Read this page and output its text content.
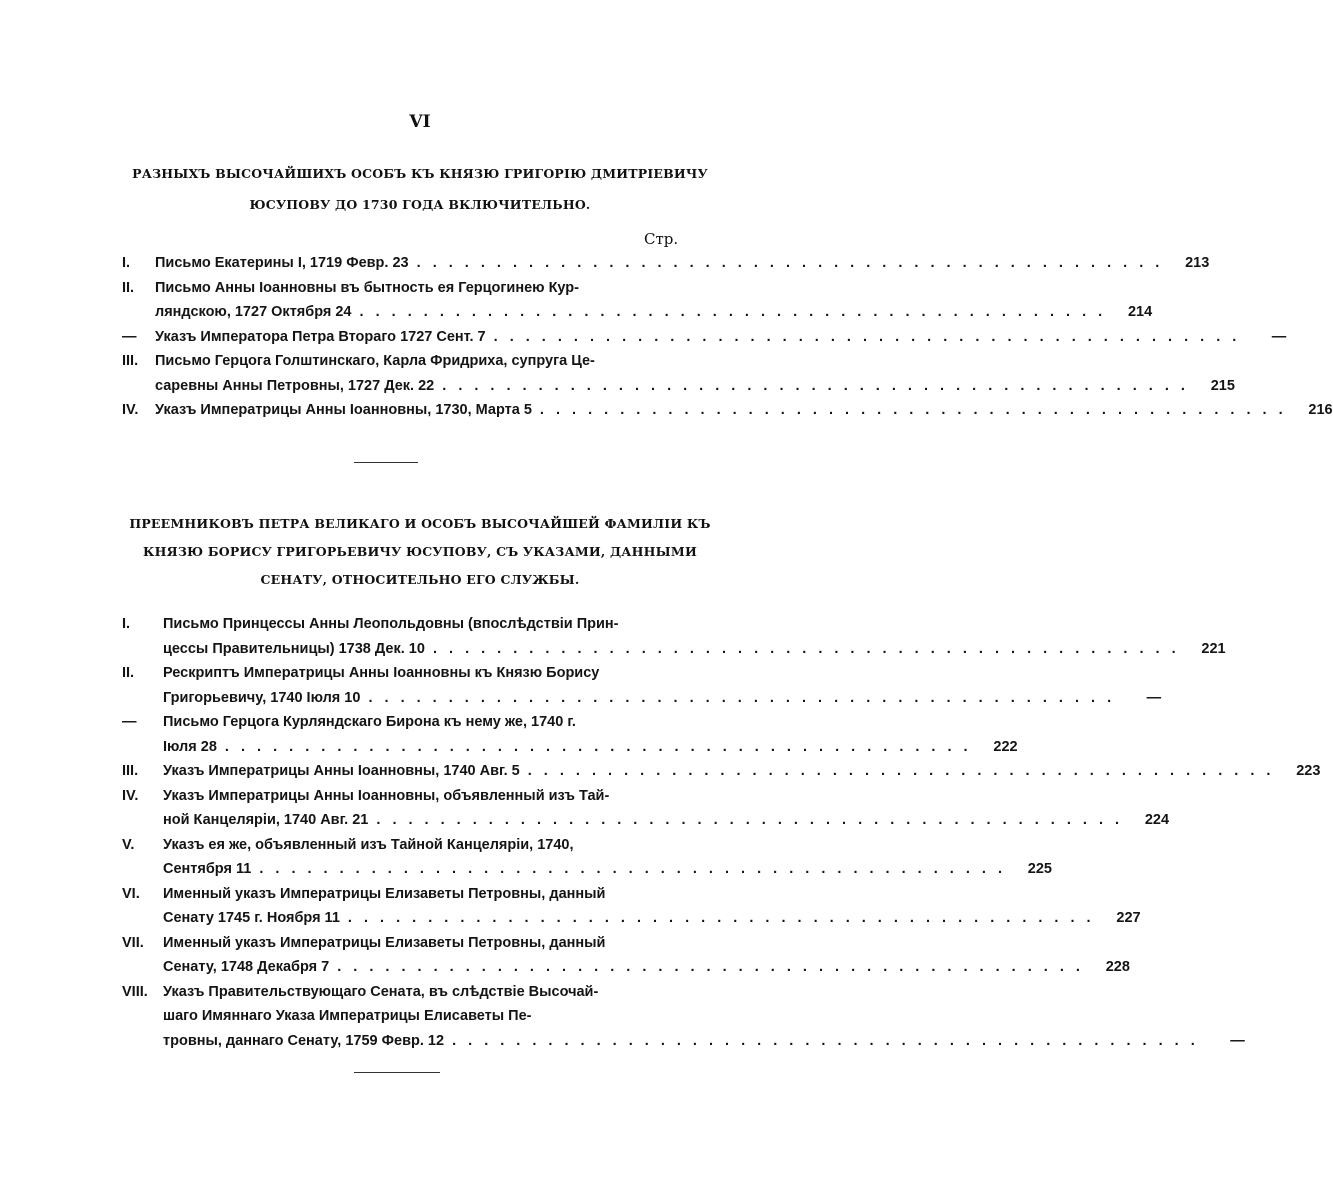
VI
РАЗНЫХЪ ВЫСОЧАЙШИХЪ ОСОБЪ КЪ КНЯЗЮ ГРИГОРІЮ ДМИТРІЕВИЧУ
ЮСУПОВУ ДО 1730 ГОДА ВКЛЮЧИТЕЛЬНО.
Стр.
I.	Письмо Екатерины I, 1719 Февр. 23 . . .	213
II.	Письмо Анны Іоанновны въ бытность ея Герцогинею Кур-
ляндскою, 1727 Октября 24 . . .	214
—	Указъ Императора Петра Втораго 1727 Сент. 7 . . .	—
III.	Письмо Герцога Голштинскаго, Карла Фридриха, супруга Це-
саревны Анны Петровны, 1727 Дек. 22 . . .	215
IV.	Указъ Императрицы Анны Іоанновны, 1730, Марта 5 . . .	216
ПРЕЕМНИКОВЪ ПЕТРА ВЕЛИКАГО И ОСОБЪ ВЫСОЧАЙШЕЙ ФАМИЛІИ КЪ
КНЯЗЮ БОРИСУ ГРИГОРЬЕВИЧУ ЮСУПОВУ, СЪ УКАЗАМИ, ДАННЫМИ
СЕНАТУ, ОТНОСИТЕЛЬНО ЕГО СЛУЖБЫ.
I.	Письмо Принцессы Анны Леопольдовны (впослѣдствіи Прин-
цессы Правительницы) 1738 Дек. 10 . . .	221
II.	Рескриптъ Императрицы Анны Іоанновны къ Князю Борису
Григорьевичу, 1740 Іюля 10 . . .	—
—	Письмо Герцога Курляндскаго Бирона къ нему же, 1740 г.
Іюля 28 . . .	222
III.	Указъ Императрицы Анны Іоанновны, 1740 Авг. 5 . . .	223
IV.	Указъ Императрицы Анны Іоанновны, объявленный изъ Тай-
ной Канцеляріи, 1740 Авг. 21 . . .	224
V.	Указъ ея же, объявленный изъ Тайной Канцеляріи, 1740,
Сентября 11 . . .	225
VI.	Именный указъ Императрицы Елизаветы Петровны, данный
Сенату 1745 г. Ноября 11 . . .	227
VII.	Именный указъ Императрицы Елизаветы Петровны, данный
Сенату, 1748 Декабря 7 . . .	228
VIII.	Указъ Правительствующаго Сената, въ слѣдствіе Высочай-
шаго Имяннаго Указа Императрицы Елисаветы Пе-
тровны, даннаго Сенату, 1759 Февр. 12 . . .	—
